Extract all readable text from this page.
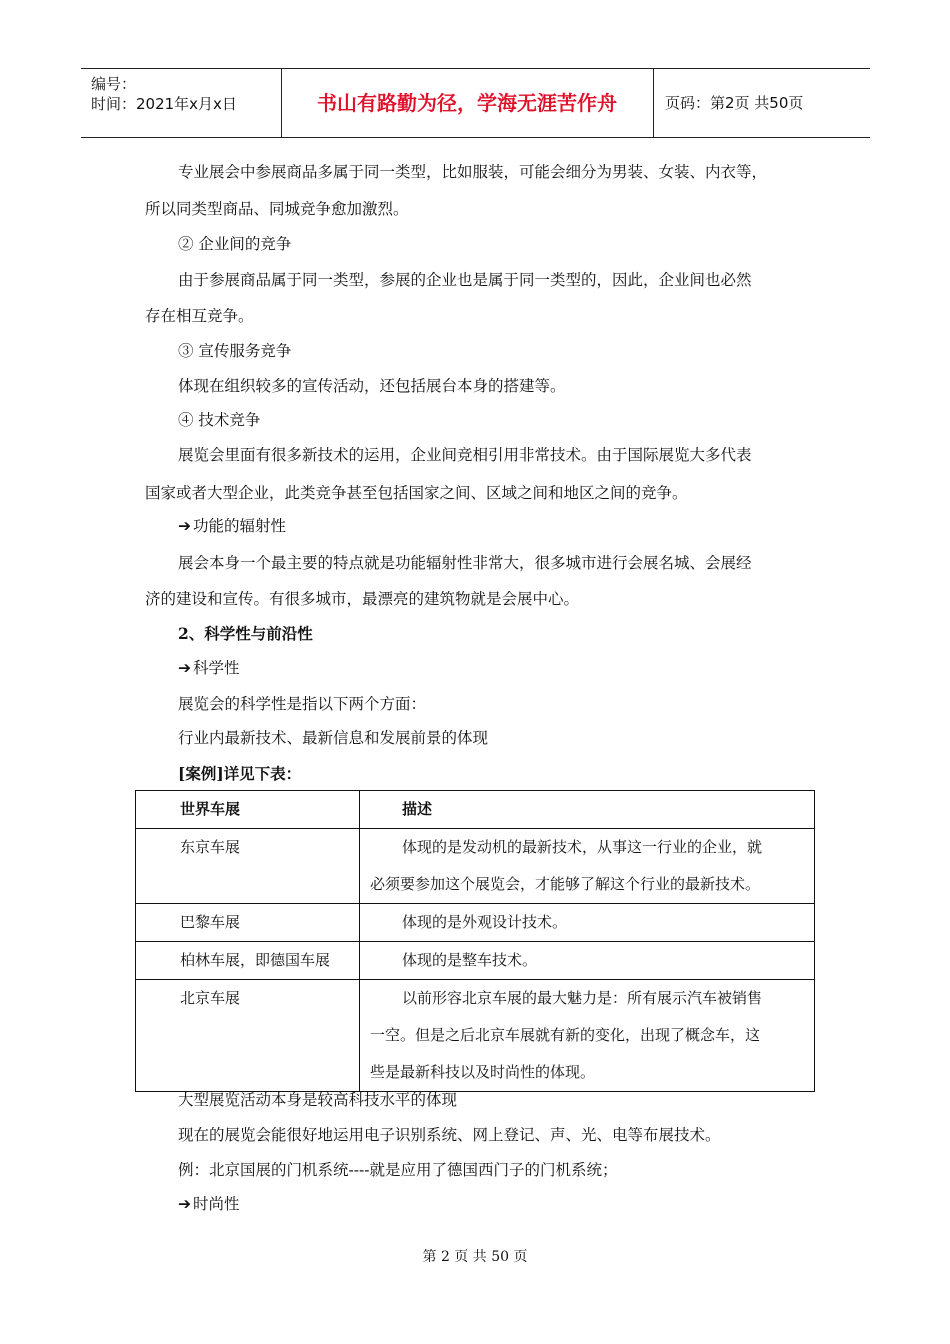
编号：
时间：2021年x月x日	书山有路勤为径，学海无涯苦作舟	页码：第2页 共50页
专业展会中参展商品多属于同一类型，比如服装，可能会细分为男装、女装、内衣等，
所以同类型商品、同城竞争愈加激烈。
② 企业间的竞争
由于参展商品属于同一类型，参展的企业也是属于同一类型的，因此，企业间也必然
存在相互竞争。
③ 宣传服务竞争
体现在组织较多的宣传活动，还包括展台本身的搭建等。
④ 技术竞争
展览会里面有很多新技术的运用，企业间竞相引用非常技术。由于国际展览大多代表
国家或者大型企业，此类竞争甚至包括国家之间、区域之间和地区之间的竞争。
➔ 功能的辐射性
展会本身一个最主要的特点就是功能辐射性非常大，很多城市进行会展名城、会展经
济的建设和宣传。有很多城市，最漂亮的建筑物就是会展中心。
2、科学性与前沿性
➔ 科学性
展览会的科学性是指以下两个方面：
行业内最新技术、最新信息和发展前景的体现
[案例]详见下表：
世界车展	描述

东京车展	体现的是发动机的最新技术，从事这一行业的企业，就
必须要参加这个展览会，才能够了解这个行业的最新技术。

巴黎车展	体现的是外观设计技术。

柏林车展，即德国车展	体现的是整车技术。

北京车展	以前形容北京车展的最大魅力是：所有展示汽车被销售
一空。但是之后北京车展就有新的变化，出现了概念车，这
些是最新科技以及时尚性的体现。
大型展览活动本身是较高科技水平的体现
现在的展览会能很好地运用电子识别系统、网上登记、声、光、电等布展技术。
例：北京国展的门机系统----就是应用了德国西门子的门机系统；
➔ 时尚性
第 2 页 共 50 页
